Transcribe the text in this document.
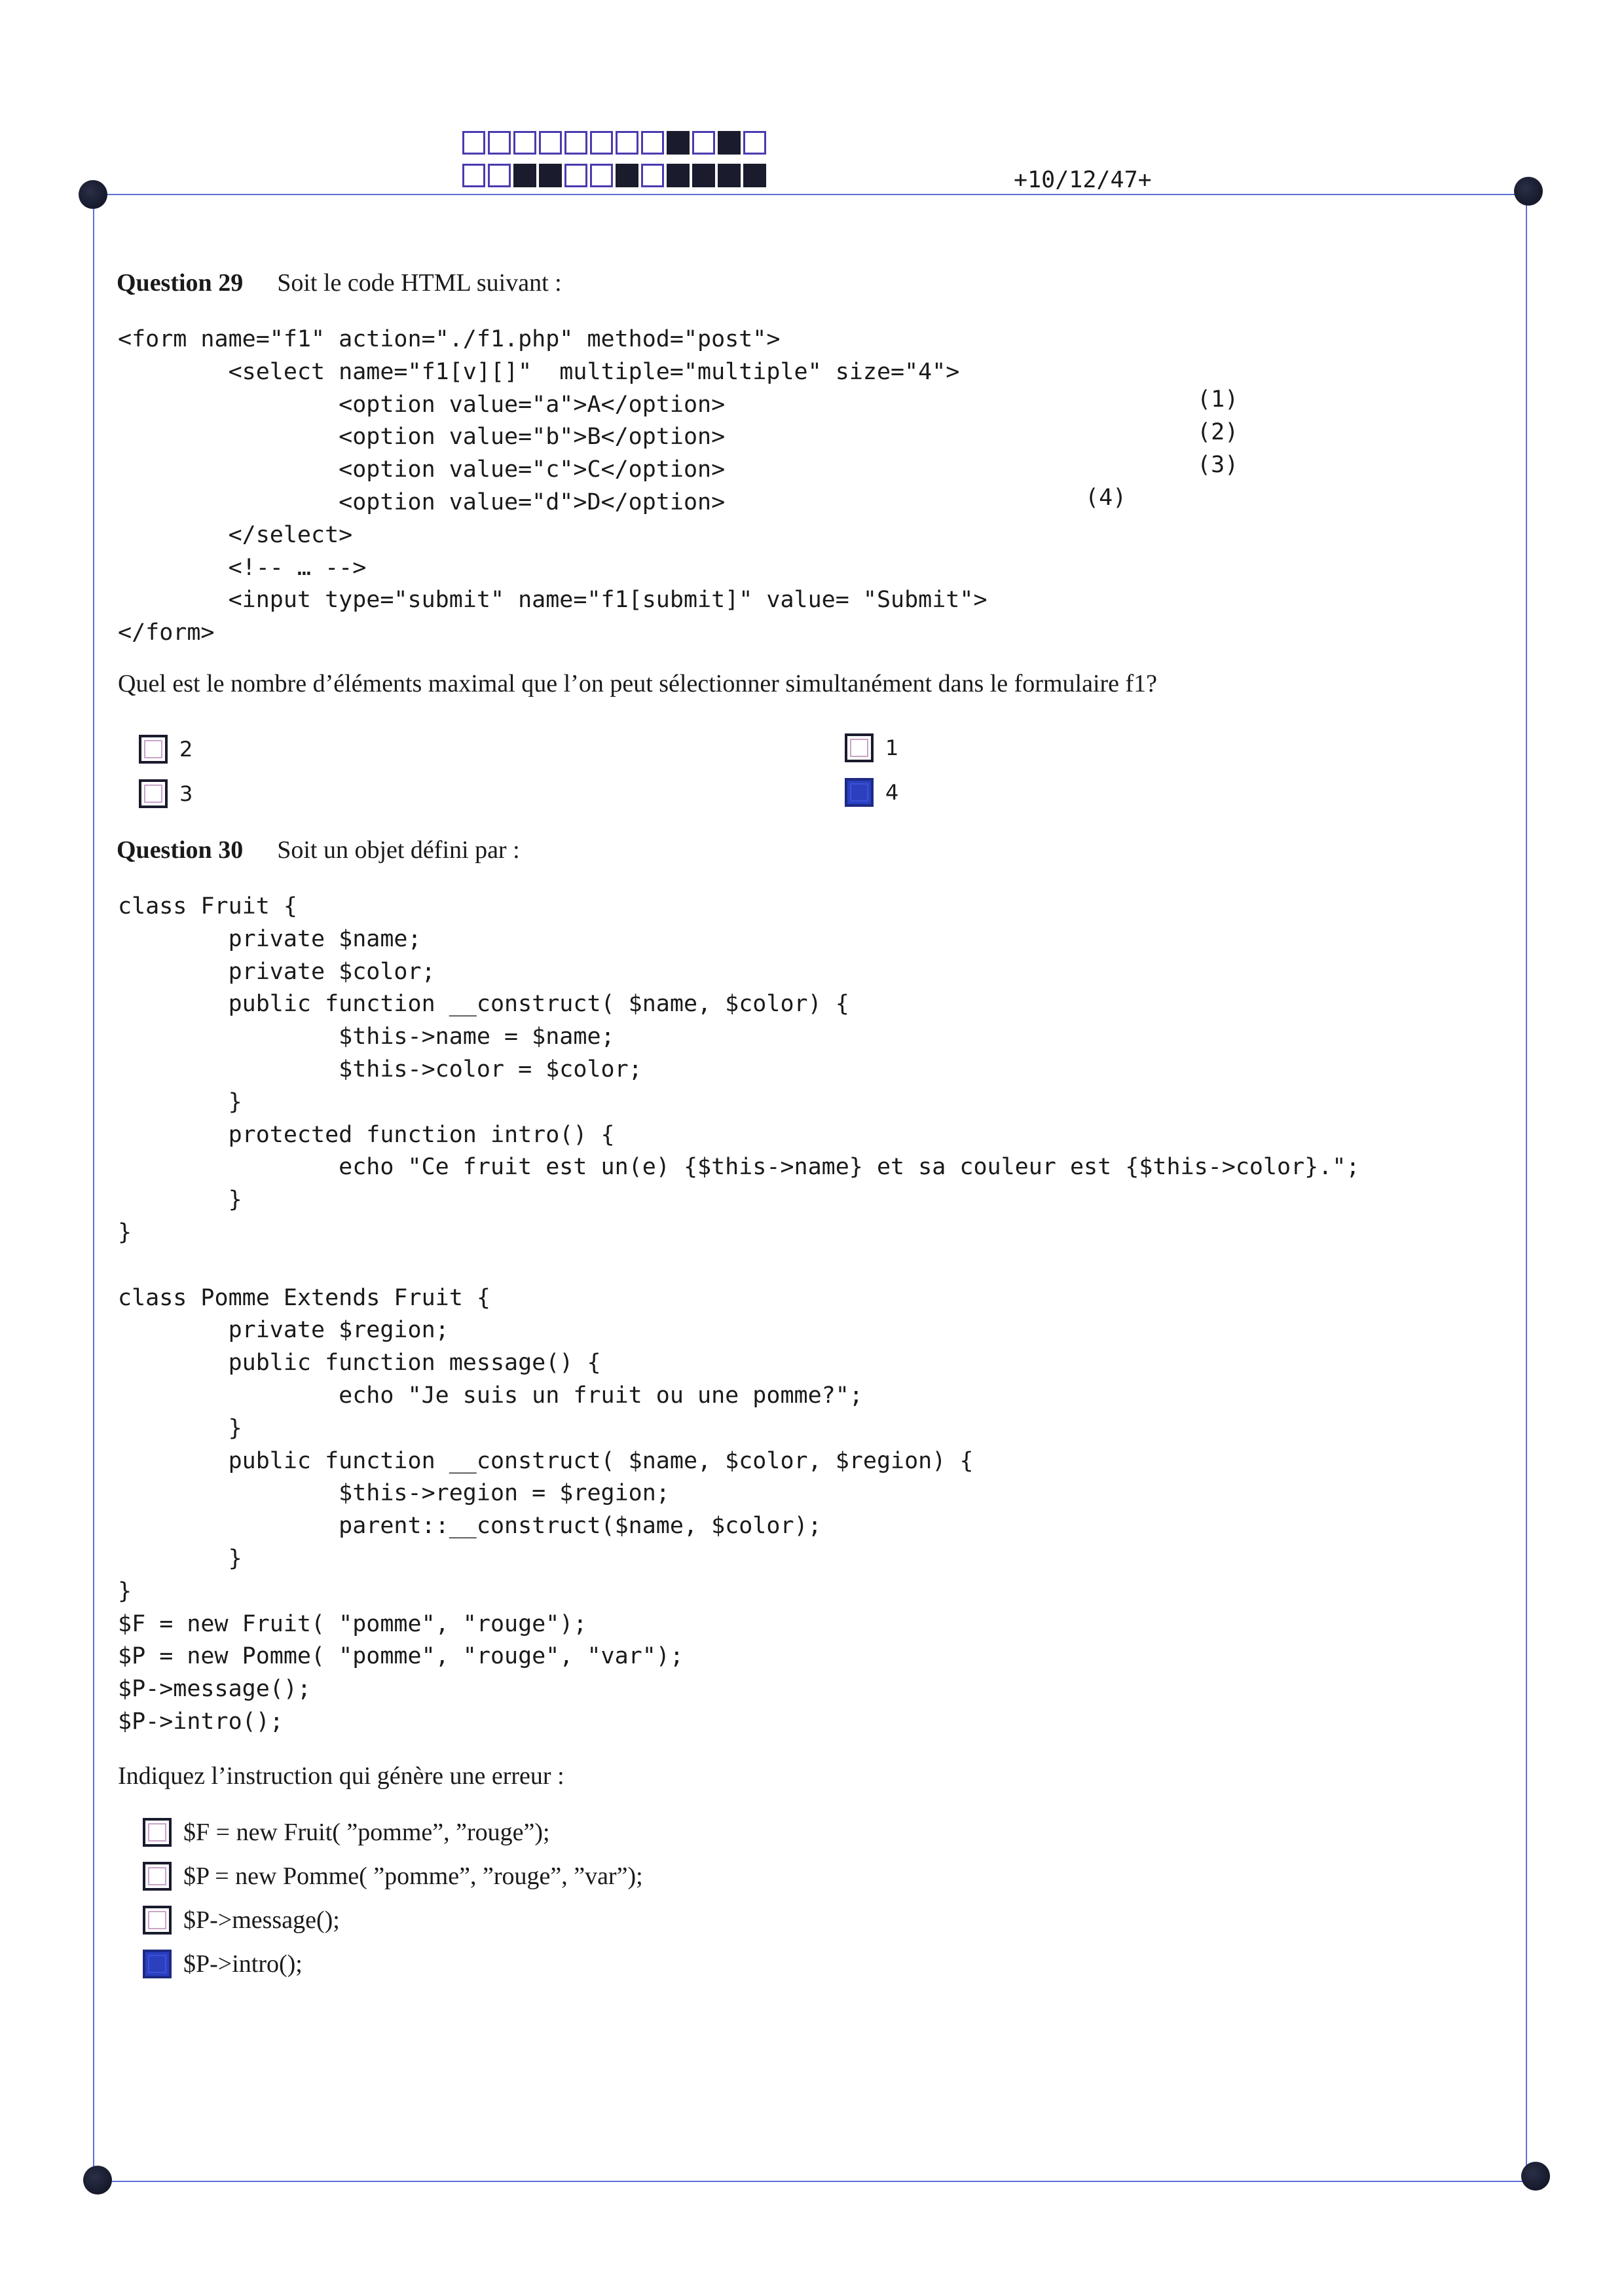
+10/12/47+
Question 29 Soit le code HTML suivant :
<form name="f1" action="./f1.php" method="post">
<select name="f1[v][]"  multiple="multiple" size="4">
<option value="a">A</option>
<option value="b">B</option>
<option value="c">C</option>
<option value="d">D</option>
</select>
<!-- … -->
<input type="submit" name="f1[submit]" value= "Submit">
</form>
(1)
(2)
(3)
(4)
Quel est le nombre d’éléments maximal que l’on peut sélectionner simultanément dans le formulaire f1?
2
3
1
4
Question 30 Soit un objet défini par :
class Fruit {
private $name;
private $color;
public function __construct( $name, $color) {
$this->name = $name;
$this->color = $color;
}
protected function intro() {
echo "Ce fruit est un(e) {$this->name} et sa couleur est {$this->color}.";
}
}

class Pomme Extends Fruit {
private $region;
public function message() {
echo "Je suis un fruit ou une pomme?";
}
public function __construct( $name, $color, $region) {
$this->region = $region;
parent::__construct($name, $color);
}
}
$F = new Fruit( "pomme", "rouge");
$P = new Pomme( "pomme", "rouge", "var");
$P->message();
$P->intro();
Indiquez l’instruction qui génère une erreur :
$F = new Fruit( ”pomme”, ”rouge”);
$P = new Pomme( ”pomme”, ”rouge”, ”var”);
$P->message();
$P->intro();
